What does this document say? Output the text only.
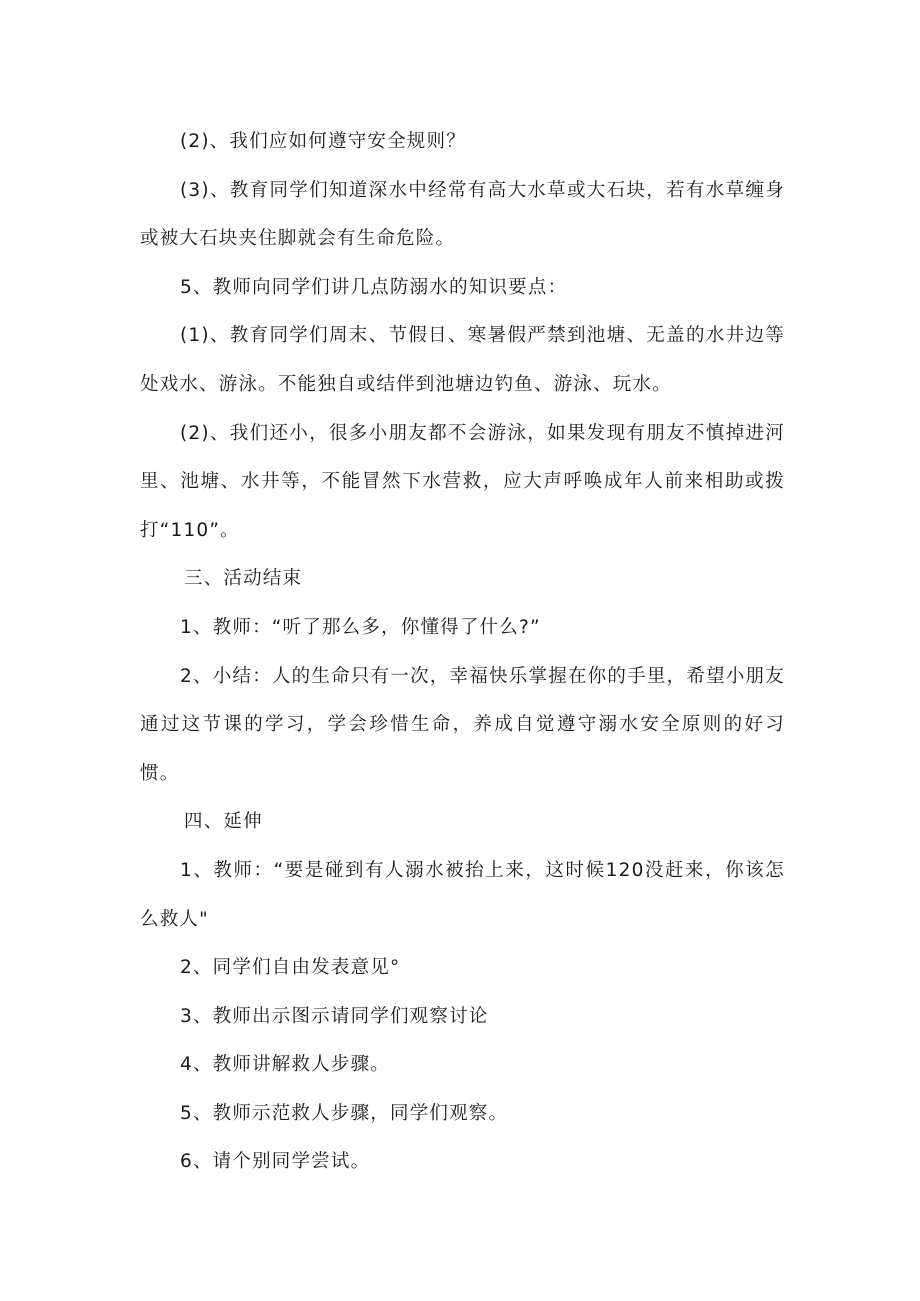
(2)、我们应如何遵守安全规则？

(3)、教育同学们知道深水中经常有高大水草或大石块，若有水草缠身或被大石块夹住脚就会有生命危险。

5、教师向同学们讲几点防溺水的知识要点：

(1)、教育同学们周末、节假日、寒暑假严禁到池塘、无盖的水井边等处戏水、游泳。不能独自或结伴到池塘边钓鱼、游泳、玩水。

(2)、我们还小，很多小朋友都不会游泳，如果发现有朋友不慎掉进河里、池塘、水井等，不能冒然下水营救，应大声呼唤成年人前来相助或拨打“110”。

三、活动结束

1、教师：“听了那么多，你懂得了什么?”

2、小结：人的生命只有一次，幸福快乐掌握在你的手里，希望小朋友通过这节课的学习，学会珍惜生命，养成自觉遵守溺水安全原则的好习惯。

四、延伸

1、教师：“要是碰到有人溺水被抬上来，这时候120没赶来，你该怎么救人"

2、同学们自由发表意见°

3、教师出示图示请同学们观察讨论

4、教师讲解救人步骤。

5、教师示范救人步骤，同学们观察。

6、请个别同学尝试。
